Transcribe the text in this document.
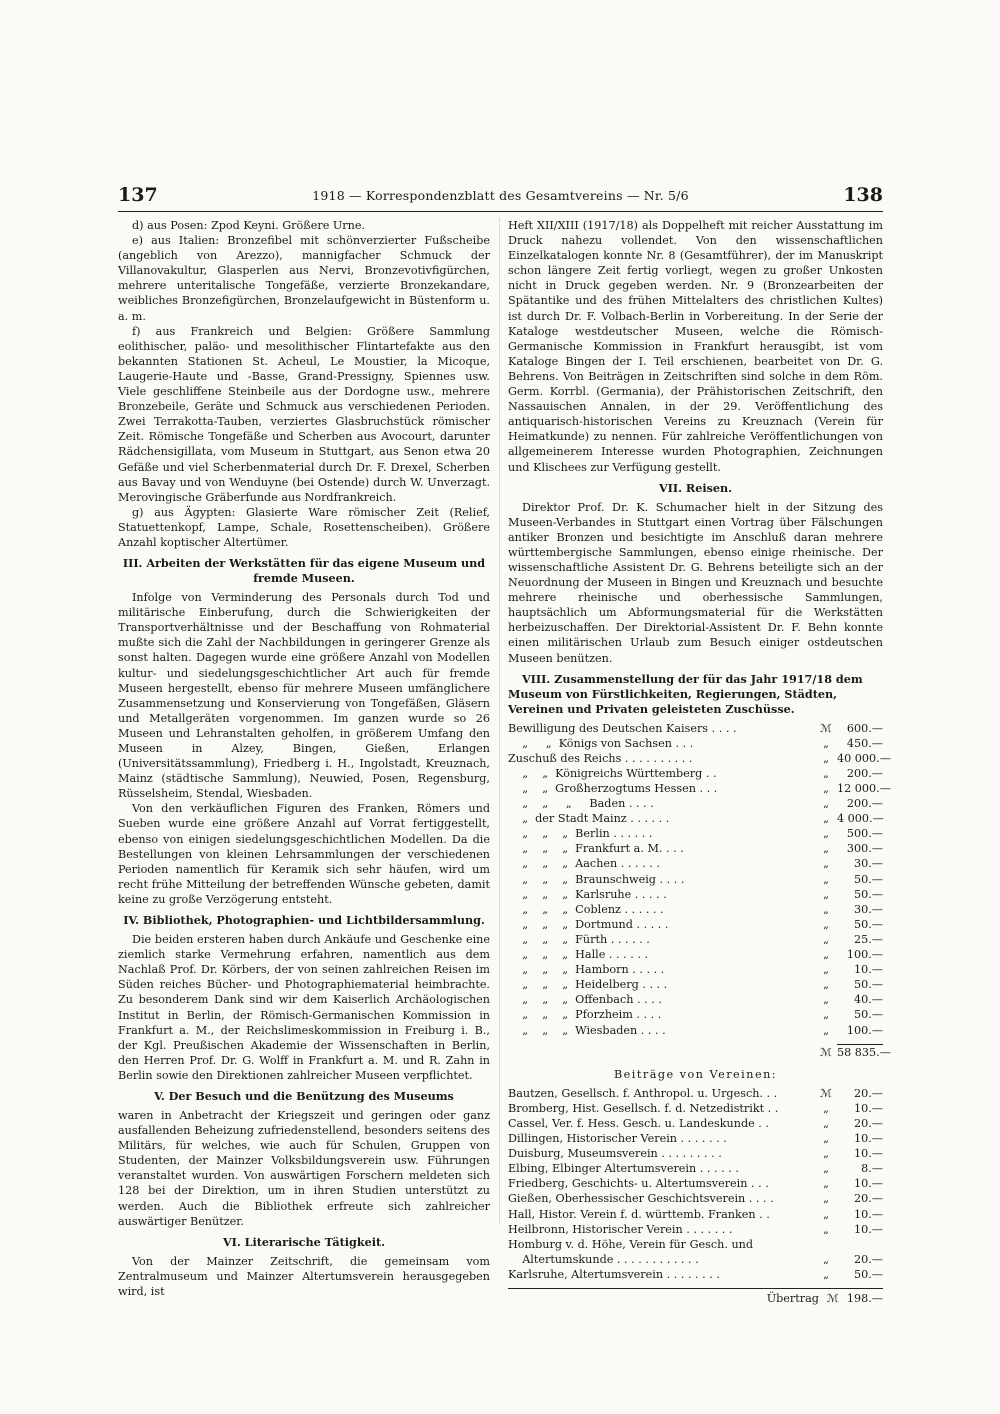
137	1918 — Korrespondenzblatt des Gesamtvereins — Nr. 5/6	138

d) aus Posen: Zpod Keyni. Größere Urne.

e) aus Italien: Bronzefibel mit schönverzierter Fußscheibe (angeblich von Arezzo), mannigfacher Schmuck der Villanovakultur, Glasperlen aus Nervi, Bronzevotivfigürchen, mehrere unteritalische Tongefäße, verzierte Bronzekandare, weibliches Bronzefigürchen, Bronzelaufgewicht in Büstenform u. a. m.

f) aus Frankreich und Belgien: Größere Sammlung eolithischer, paläo- und mesolithischer Flintartefakte aus den bekannten Stationen St. Acheul, Le Moustier, la Micoque, Laugerie-Haute und -Basse, Grand-Pressigny, Spiennes usw. Viele geschliffene Steinbeile aus der Dordogne usw., mehrere Bronzebeile, Geräte und Schmuck aus verschiedenen Perioden. Zwei Terrakotta-Tauben, verziertes Glasbruchstück römischer Zeit. Römische Tongefäße und Scherben aus Avocourt, darunter Rädchensigillata, vom Museum in Stuttgart, aus Senon etwa 20 Gefäße und viel Scherbenmaterial durch Dr. F. Drexel, Scherben aus Bavay und von Wenduyne (bei Ostende) durch W. Unverzagt. Merovingische Gräberfunde aus Nordfrankreich.

g) aus Ägypten: Glasierte Ware römischer Zeit (Relief, Statuettenkopf, Lampe, Schale, Rosettenscheiben). Größere Anzahl koptischer Altertümer.

III. Arbeiten der Werkstätten für das eigene Museum und fremde Museen.

Infolge von Verminderung des Personals durch Tod und militärische Einberufung, durch die Schwierigkeiten der Transportverhältnisse und der Beschaffung von Rohmaterial mußte sich die Zahl der Nachbildungen in geringerer Grenze als sonst halten. Dagegen wurde eine größere Anzahl von Modellen kultur- und siedelungsgeschichtlicher Art auch für fremde Museen hergestellt, ebenso für mehrere Museen umfänglichere Zusammensetzung und Konservierung von Tongefäßen, Gläsern und Metallgeräten vorgenommen. Im ganzen wurde so 26 Museen und Lehranstalten geholfen, in größerem Umfang den Museen in Alzey, Bingen, Gießen, Erlangen (Universitätssammlung), Friedberg i. H., Ingolstadt, Kreuznach, Mainz (städtische Sammlung), Neuwied, Posen, Regensburg, Rüsselsheim, Stendal, Wiesbaden.

Von den verkäuflichen Figuren des Franken, Römers und Sueben wurde eine größere Anzahl auf Vorrat fertiggestellt, ebenso von einigen siedelungsgeschichtlichen Modellen. Da die Bestellungen von kleinen Lehrsammlungen der verschiedenen Perioden namentlich für Keramik sich sehr häufen, wird um recht frühe Mitteilung der betreffenden Wünsche gebeten, damit keine zu große Verzögerung entsteht.

IV. Bibliothek, Photographien- und Lichtbildersammlung.

Die beiden ersteren haben durch Ankäufe und Geschenke eine ziemlich starke Vermehrung erfahren, namentlich aus dem Nachlaß Prof. Dr. Körbers, der von seinen zahlreichen Reisen im Süden reiches Bücher- und Photographiematerial heimbrachte. Zu besonderem Dank sind wir dem Kaiserlich Archäologischen Institut in Berlin, der Römisch-Germanischen Kommission in Frankfurt a. M., der Reichslimeskommission in Freiburg i. B., der Kgl. Preußischen Akademie der Wissenschaften in Berlin, den Herren Prof. Dr. G. Wolff in Frankfurt a. M. und R. Zahn in Berlin sowie den Direktionen zahlreicher Museen verpflichtet.

V. Der Besuch und die Benützung des Museums

waren in Anbetracht der Kriegszeit und geringen oder ganz ausfallenden Beheizung zufriedenstellend, besonders seitens des Militärs, für welches, wie auch für Schulen, Gruppen von Studenten, der Mainzer Volksbildungsverein usw. Führungen veranstaltet wurden. Von auswärtigen Forschern meldeten sich 128 bei der Direktion, um in ihren Studien unterstützt zu werden. Auch die Bibliothek erfreute sich zahlreicher auswärtiger Benützer.

VI. Literarische Tätigkeit.

Von der Mainzer Zeitschrift, die gemeinsam vom Zentralmuseum und Mainzer Altertumsverein herausgegeben wird, ist

Heft XII/XIII (1917/18) als Doppelheft mit reicher Ausstattung im Druck nahezu vollendet. Von den wissenschaftlichen Einzelkatalogen konnte Nr. 8 (Gesamtführer), der im Manuskript schon längere Zeit fertig vorliegt, wegen zu großer Unkosten nicht in Druck gegeben werden. Nr. 9 (Bronzearbeiten der Spätantike und des frühen Mittelalters des christlichen Kultes) ist durch Dr. F. Volbach-Berlin in Vorbereitung. In der Serie der Kataloge westdeutscher Museen, welche die Römisch-Germanische Kommission in Frankfurt herausgibt, ist vom Kataloge Bingen der I. Teil erschienen, bearbeitet von Dr. G. Behrens. Von Beiträgen in Zeitschriften sind solche in dem Röm. Germ. Korrbl. (Germania), der Prähistorischen Zeitschrift, den Nassauischen Annalen, in der 29. Veröffentlichung des antiquarisch-historischen Vereins zu Kreuznach (Verein für Heimatkunde) zu nennen. Für zahlreiche Veröffentlichungen von allgemeinerem Interesse wurden Photographien, Zeichnungen und Klischees zur Verfügung gestellt.

VII. Reisen.

Direktor Prof. Dr. K. Schumacher hielt in der Sitzung des Museen-Verbandes in Stuttgart einen Vortrag über Fälschungen antiker Bronzen und besichtigte im Anschluß daran mehrere württembergische Sammlungen, ebenso einige rheinische. Der wissenschaftliche Assistent Dr. G. Behrens beteiligte sich an der Neuordnung der Museen in Bingen und Kreuznach und besuchte mehrere rheinische und oberhessische Sammlungen, hauptsächlich um Abformungsmaterial für die Werkstätten herbeizuschaffen. Der Direktorial-Assistent Dr. F. Behn konnte einen militärischen Urlaub zum Besuch einiger ostdeutschen Museen benützen.

VIII. Zusammenstellung der für das Jahr 1917/18 dem Museum von Fürstlichkeiten, Regierungen, Städten, Vereinen und Privaten geleisteten Zuschüsse.
Bewilligung des Deutschen Kaisers . . . .	ℳ	600.—
„     „  Königs von Sachsen . . .	„	450.—
Zuschuß des Reichs . . . . . . . . . .	„ 40 000.—
„    „  Königreichs Württemberg . .	„	200.—
„    „  Großherzogtums Hessen . . .	„ 12 000.—
„    „     „     Baden . . . .	„	200.—
„  der Stadt Mainz . . . . . .	„ 4 000.—
„    „    „  Berlin . . . . . .	„	500.—
„    „    „  Frankfurt a. M. . . .	„	300.—
„    „    „  Aachen . . . . . .	„	30.—
„    „    „  Braunschweig . . . .	„	50.—
„    „    „  Karlsruhe . . . . .	„	50.—
„    „    „  Coblenz . . . . . .	„	30.—
„    „    „  Dortmund . . . . .	„	50.—
„    „    „  Fürth . . . . . .	„	25.—
„    „    „  Halle . . . . . .	„	100.—
„    „    „  Hamborn . . . . .	„	10.—
„    „    „  Heidelberg . . . .	„	50.—
„    „    „  Offenbach . . . .	„	40.—
„    „    „  Pforzheim . . . .	„	50.—
„    „    „  Wiesbaden . . . .	„	100.—
ℳ 58 835.—
Beiträge von Vereinen:
Bautzen, Gesellsch. f. Anthropol. u. Urgesch. . .	ℳ	20.—
Bromberg, Hist. Gesellsch. f. d. Netzedistrikt . .	„	10.—
Cassel, Ver. f. Hess. Gesch. u. Landeskunde . .	„	20.—
Dillingen, Historischer Verein . . . . . . .	„	10.—
Duisburg, Museumsverein . . . . . . . . .	„	10.—
Elbing, Elbinger Altertumsverein . . . . . .	„	8.—
Friedberg, Geschichts- u. Altertumsverein . . .	„	10.—
Gießen, Oberhessischer Geschichtsverein . . . .	„	20.—
Hall, Histor. Verein f. d. württemb. Franken . .	„	10.—
Heilbronn, Historischer Verein . . . . . . .	„	10.—
Homburg v. d. Höhe, Verein für Gesch. und
Altertumskunde . . . . . . . . . . . .	„	20.—
Karlsruhe, Altertumsverein . . . . . . . .	„	50.—
Übertrag ℳ 198.—
